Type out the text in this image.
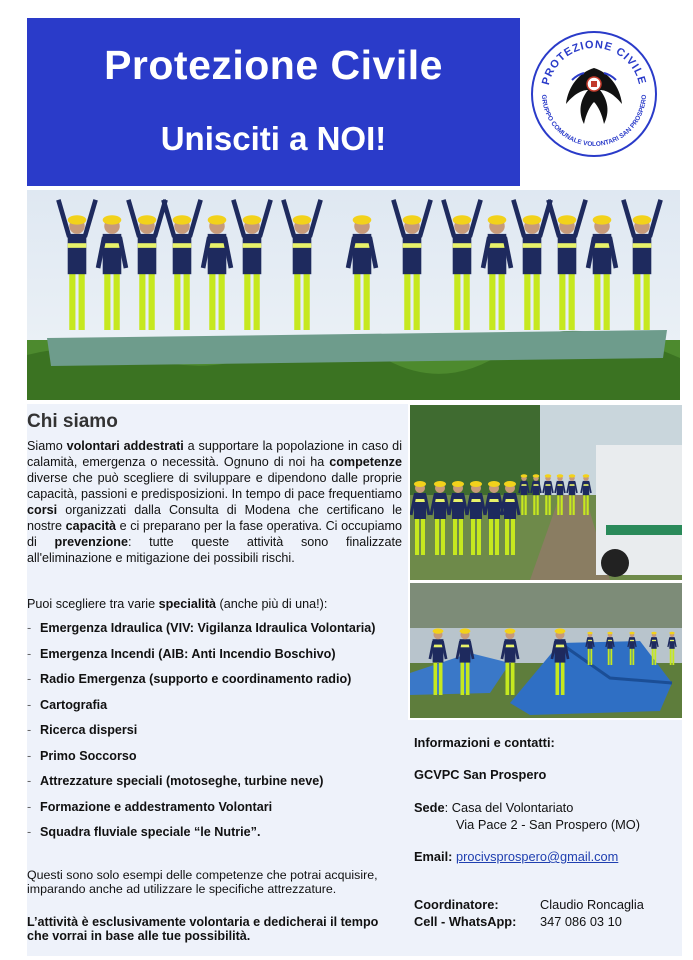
Protezione Civile
Unisciti a NOI!
PROTEZIONE CIVILE
GRUPPO COMUNALE VOLONTARI SAN PROSPERO
Chi siamo

Siamo volontari addestrati a supportare la popolazione in caso di calamità, emergenza o necessità. Ognuno di noi ha competenze diverse che può scegliere di sviluppare e dipendono dalle proprie capacità, passioni e predisposizioni. In tempo di pace frequentiamo corsi organizzati dalla Consulta di Modena che certificano le nostre capacità e ci preparano per la fase operativa. Ci occupiamo di prevenzione: tutte queste attività sono finalizzate all'eliminazione e mitigazione dei possibili rischi.

Puoi scegliere tra varie specialità (anche più di una!):
- Emergenza Idraulica (VIV: Vigilanza Idraulica Volontaria)
- Emergenza Incendi (AIB: Anti Incendio Boschivo)
- Radio Emergenza (supporto e coordinamento radio)
- Cartografia
- Ricerca dispersi
- Primo Soccorso
- Attrezzature speciali (motoseghe, turbine neve)
- Formazione e addestramento Volontari
- Squadra fluviale speciale “le Nutrie”.

Questi sono solo esempi delle competenze che potrai acquisire, imparando anche ad utilizzare le specifiche attrezzature.

L’attività è esclusivamente volontaria e dedicherai il tempo che vorrai in base alle tue possibilità.

Informazioni e contatti:
GCVPC San Prospero
Sede: Casa del Volontariato
Via Pace 2 - San Prospero (MO)
Email: procivsprospero@gmail.com
Coordinatore:	Claudio Roncaglia
Cell - WhatsApp: 347 086 03 10
